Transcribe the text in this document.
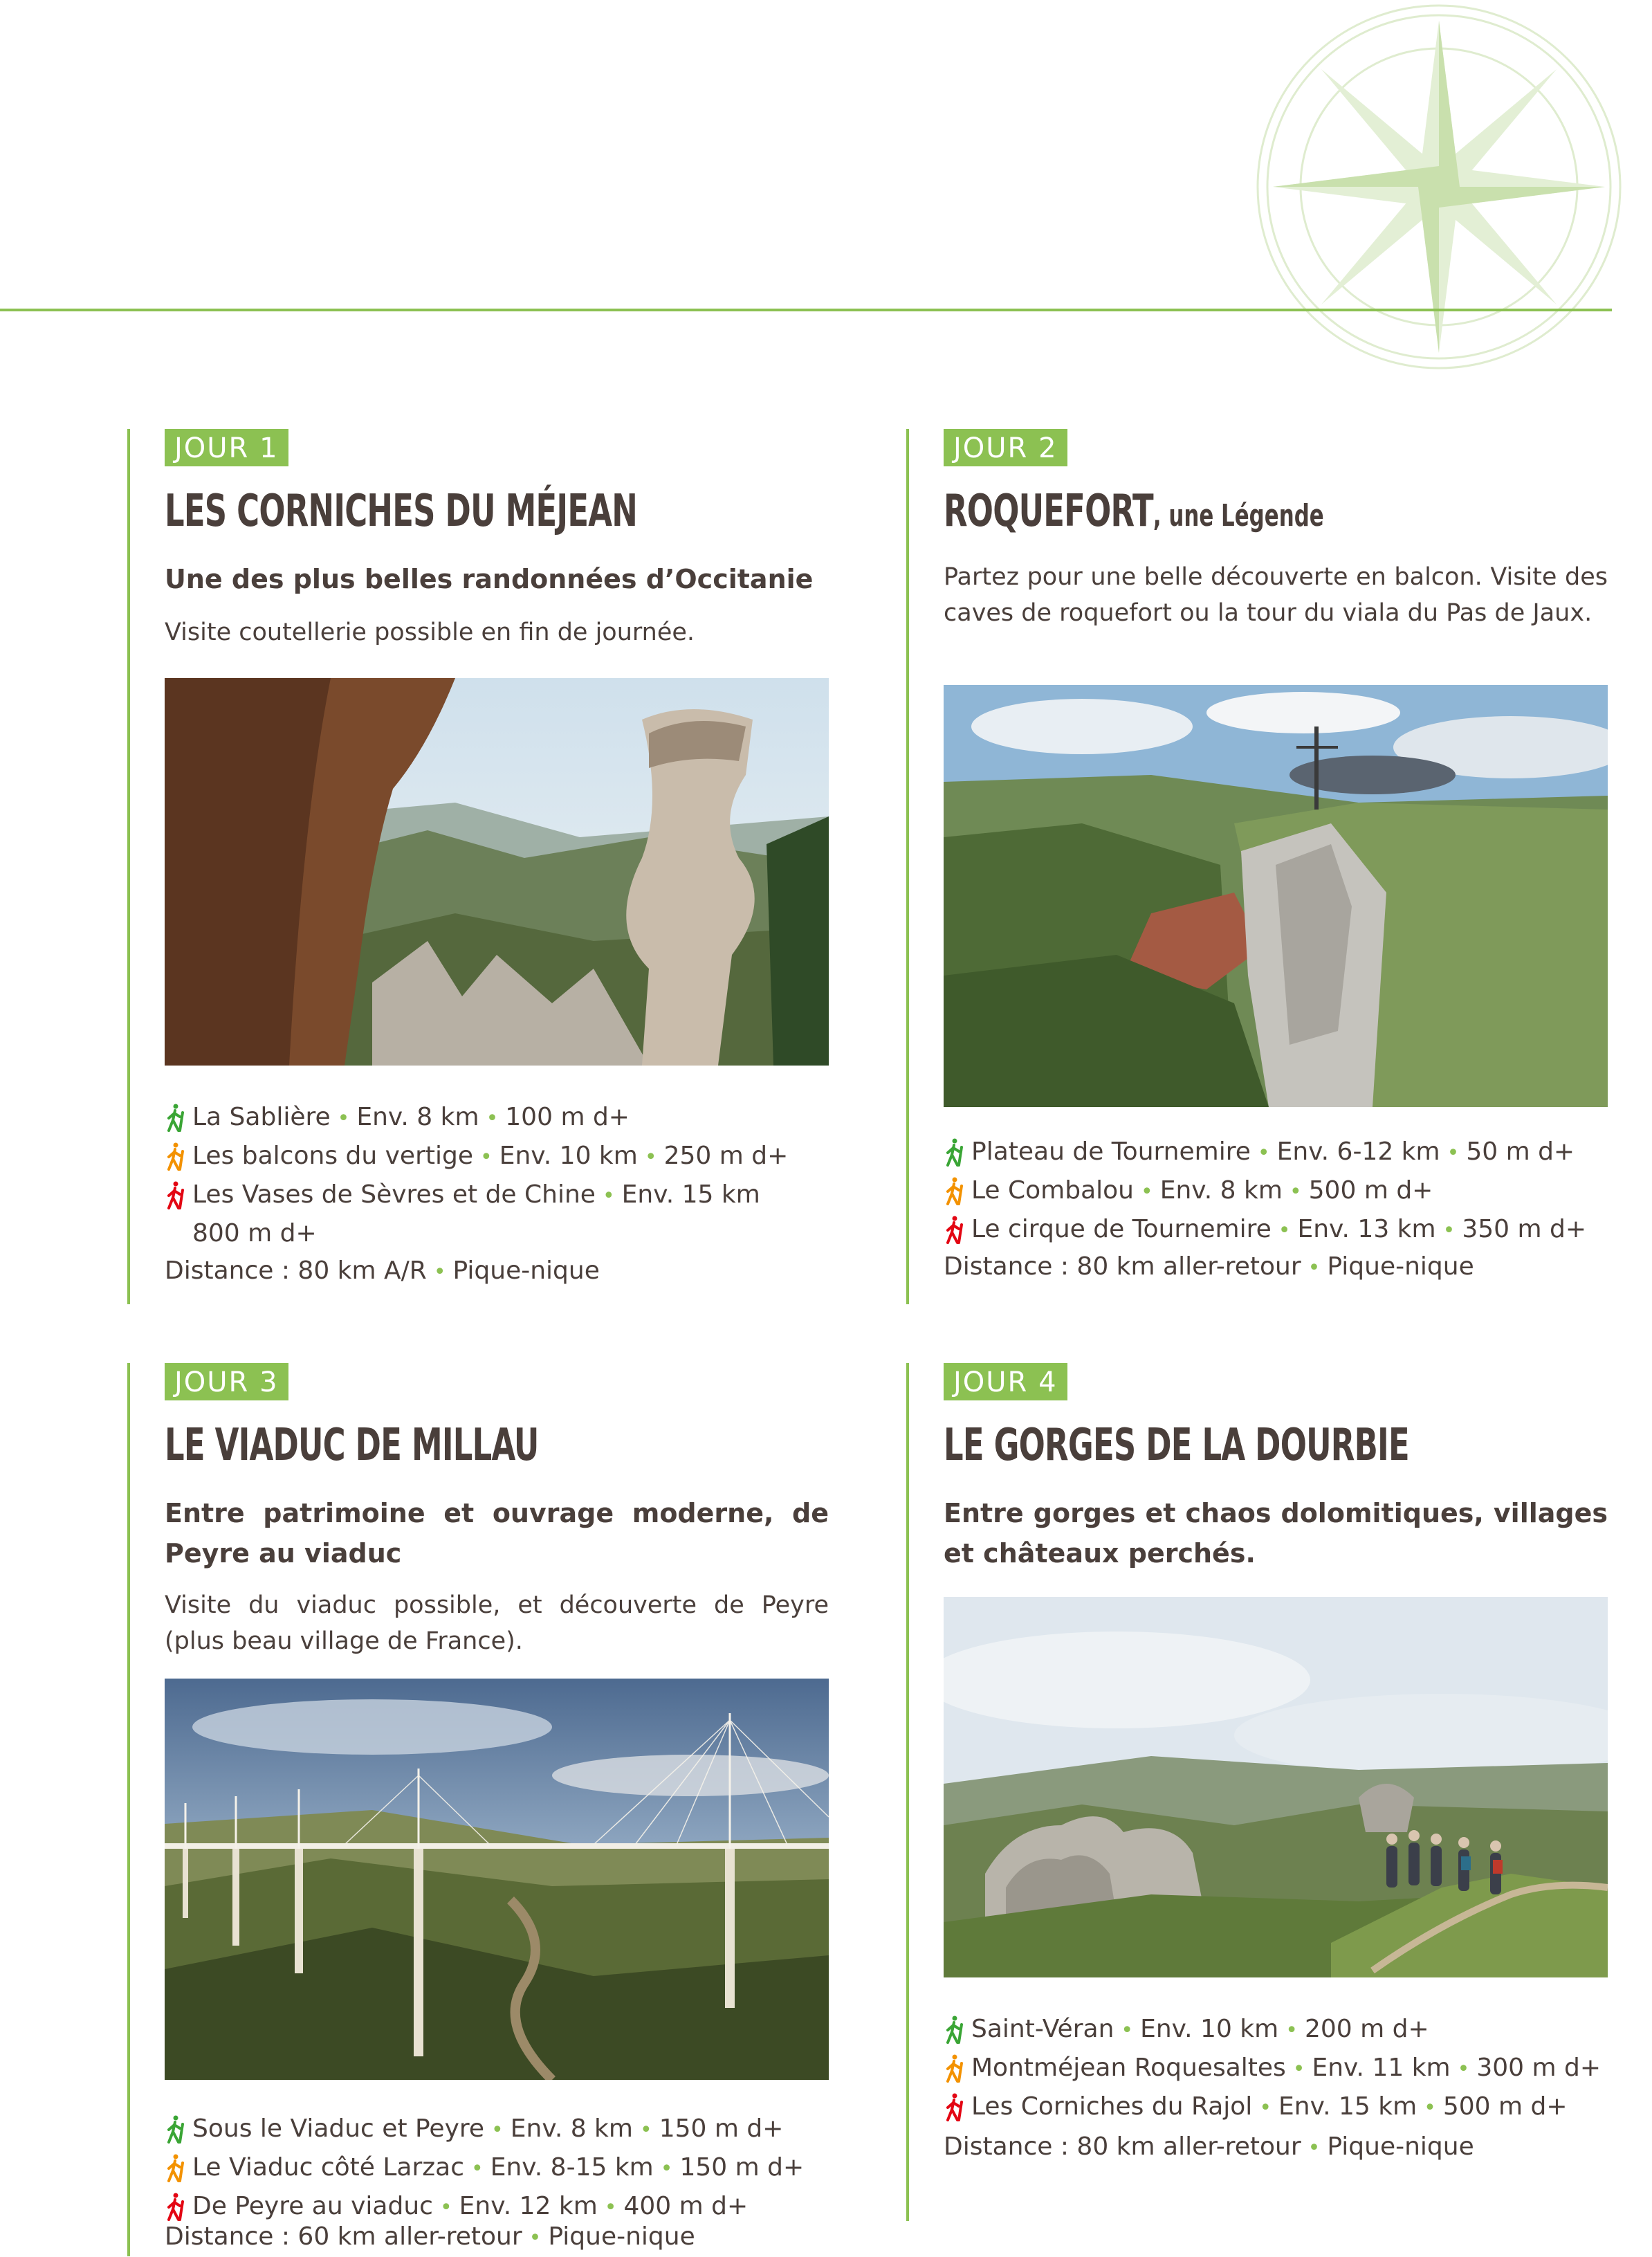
JOUR 1
LES CORNICHES DU MÉJEAN
Une des plus belles randonnées d’Occitanie
Visite coutellerie possible en fin de journée.
La Sablière • Env. 8 km • 100 m d+
Les balcons du vertige • Env. 10 km • 250 m d+
Les Vases de Sèvres et de Chine • Env. 15 km
800 m d+
Distance : 80 km A/R • Pique-nique
JOUR 2
ROQUEFORT, une Légende
Partez pour une belle découverte en balcon. Visite des caves de roquefort ou la tour du viala du Pas de Jaux.
Plateau de Tournemire • Env. 6-12 km • 50 m d+
Le Combalou • Env. 8 km • 500 m d+
Le cirque de Tournemire • Env. 13 km • 350 m d+
Distance : 80 km aller-retour • Pique-nique
JOUR 3
LE VIADUC DE MILLAU
Entre patrimoine et ouvrage moderne, de Peyre au viaduc
Visite du viaduc possible, et découverte de Peyre (plus beau village de France).
Sous le Viaduc et Peyre • Env. 8 km • 150 m d+
Le Viaduc côté Larzac • Env. 8-15 km • 150 m d+
De Peyre au viaduc • Env. 12 km • 400 m d+
Distance : 60 km aller-retour • Pique-nique
JOUR 4
LE GORGES DE LA DOURBIE
Entre gorges et chaos dolomitiques, villages et châteaux perchés.
Saint-Véran • Env. 10 km • 200 m d+
Montméjean Roquesaltes • Env. 11 km • 300 m d+
Les Corniches du Rajol • Env. 15 km • 500 m d+
Distance : 80 km aller-retour • Pique-nique
